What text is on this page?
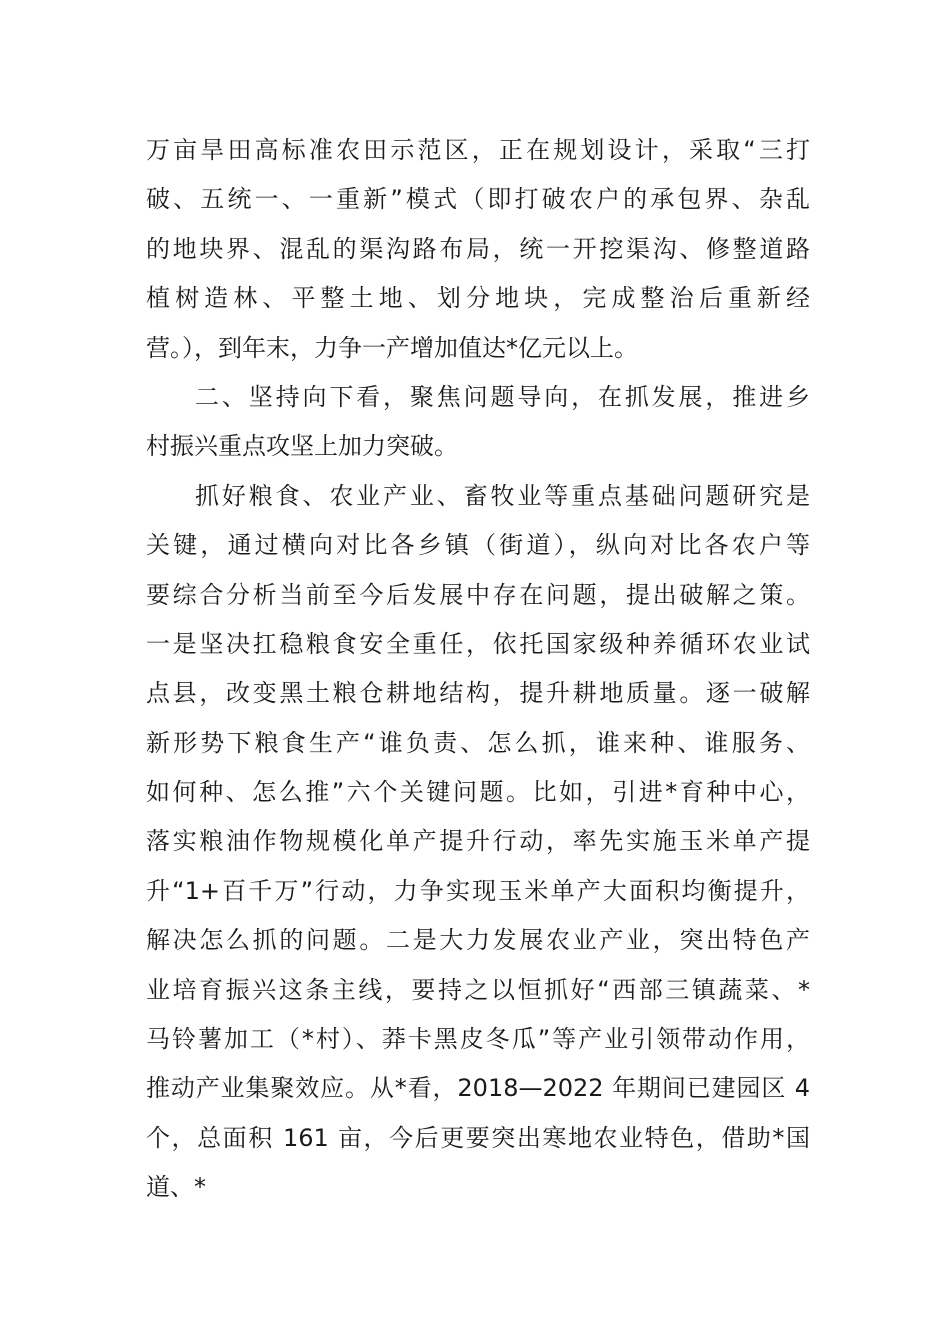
万亩旱田高标准农田示范区，正在规划设计，采取“三打
破、五统一、一重新”模式（即打破农户的承包界、杂乱
的地块界、混乱的渠沟路布局，统一开挖渠沟、修整道路
植树造林、平整土地、划分地块，完成整治后重新经
营。），到年末，力争一产增加值达*亿元以上。
二、坚持向下看，聚焦问题导向，在抓发展，推进乡
村振兴重点攻坚上加力突破。
抓好粮食、农业产业、畜牧业等重点基础问题研究是
关键，通过横向对比各乡镇（街道），纵向对比各农户等
要综合分析当前至今后发展中存在问题，提出破解之策。
一是坚决扛稳粮食安全重任，依托国家级种养循环农业试
点县，改变黑土粮仓耕地结构，提升耕地质量。逐一破解
新形势下粮食生产“谁负责、怎么抓，谁来种、谁服务、
如何种、怎么推”六个关键问题。比如，引进*育种中心，
落实粮油作物规模化单产提升行动，率先实施玉米单产提
升“1+百千万”行动，力争实现玉米单产大面积均衡提升，
解决怎么抓的问题。二是大力发展农业产业，突出特色产
业培育振兴这条主线，要持之以恒抓好“西部三镇蔬菜、*
马铃薯加工（*村）、莽卡黑皮冬瓜”等产业引领带动作用，
推动产业集聚效应。从*看，2018—2022 年期间已建园区 4
个，总面积 161 亩，今后更要突出寒地农业特色，借助*国
道、*
